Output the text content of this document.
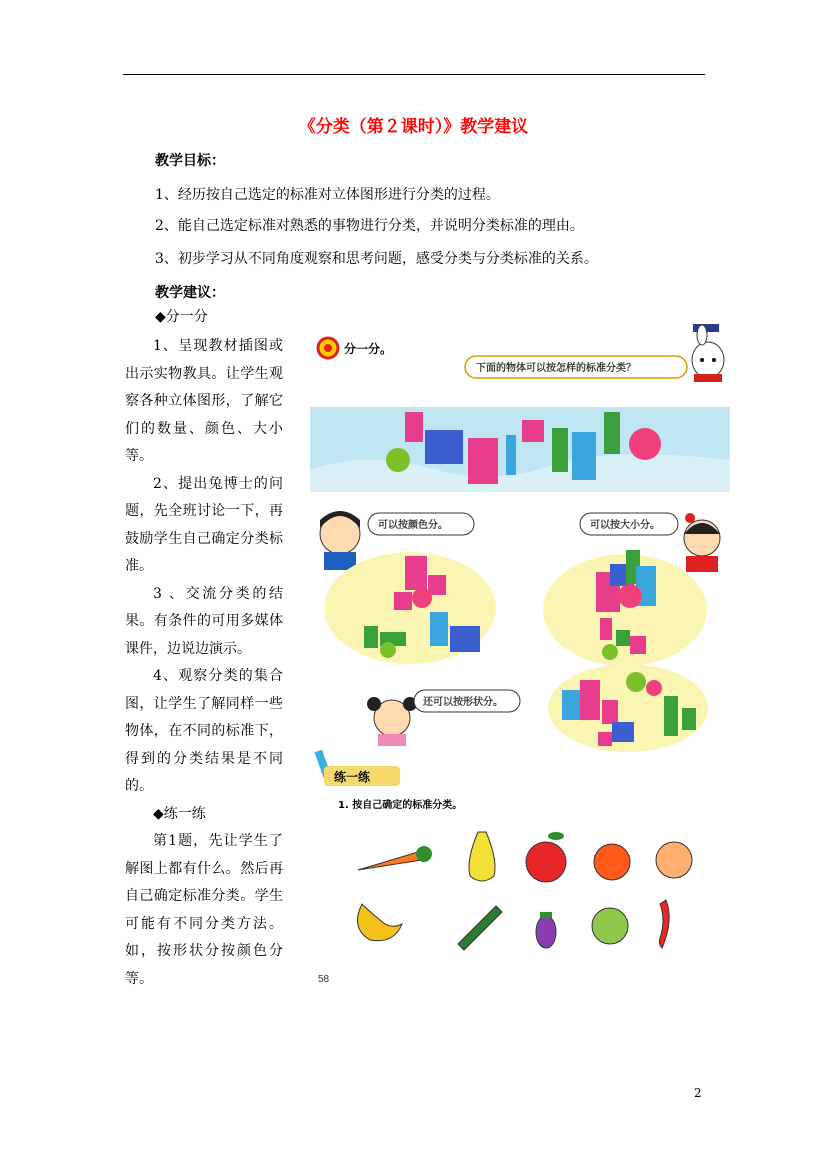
《分类（第２课时）》教学建议
教学目标：
1、经历按自己选定的标准对立体图形进行分类的过程。
2、能自己选定标准对熟悉的事物进行分类，并说明分类标准的理由。
3、初步学习从不同角度观察和思考问题，感受分类与分类标准的关系。
教学建议：
◆分一分

1、呈现教材插图或出示实物教具。让学生观察各种立体图形，了解它们的数量、颜色、大小等。

2、提出兔博士的问题，先全班讨论一下，再鼓励学生自己确定分类标准。

3 、交流分类的结果。有条件的可用多媒体课件，边说边演示。

4、观察分类的集合图，让学生了解同样一些物体，在不同的标准下，得到的分类结果是不同的。

◆练一练

第1题，先让学生了解图上都有什么。然后再自己确定标准分类。学生可能有不同分类方法。如，按形状分按颜色分等。

分一分。
下面的物体可以按怎样的标准分类？
可以按颜色分。	可以按大小分。
还可以按形状分。
练一练
1. 按自己确定的标准分类。
58
2
